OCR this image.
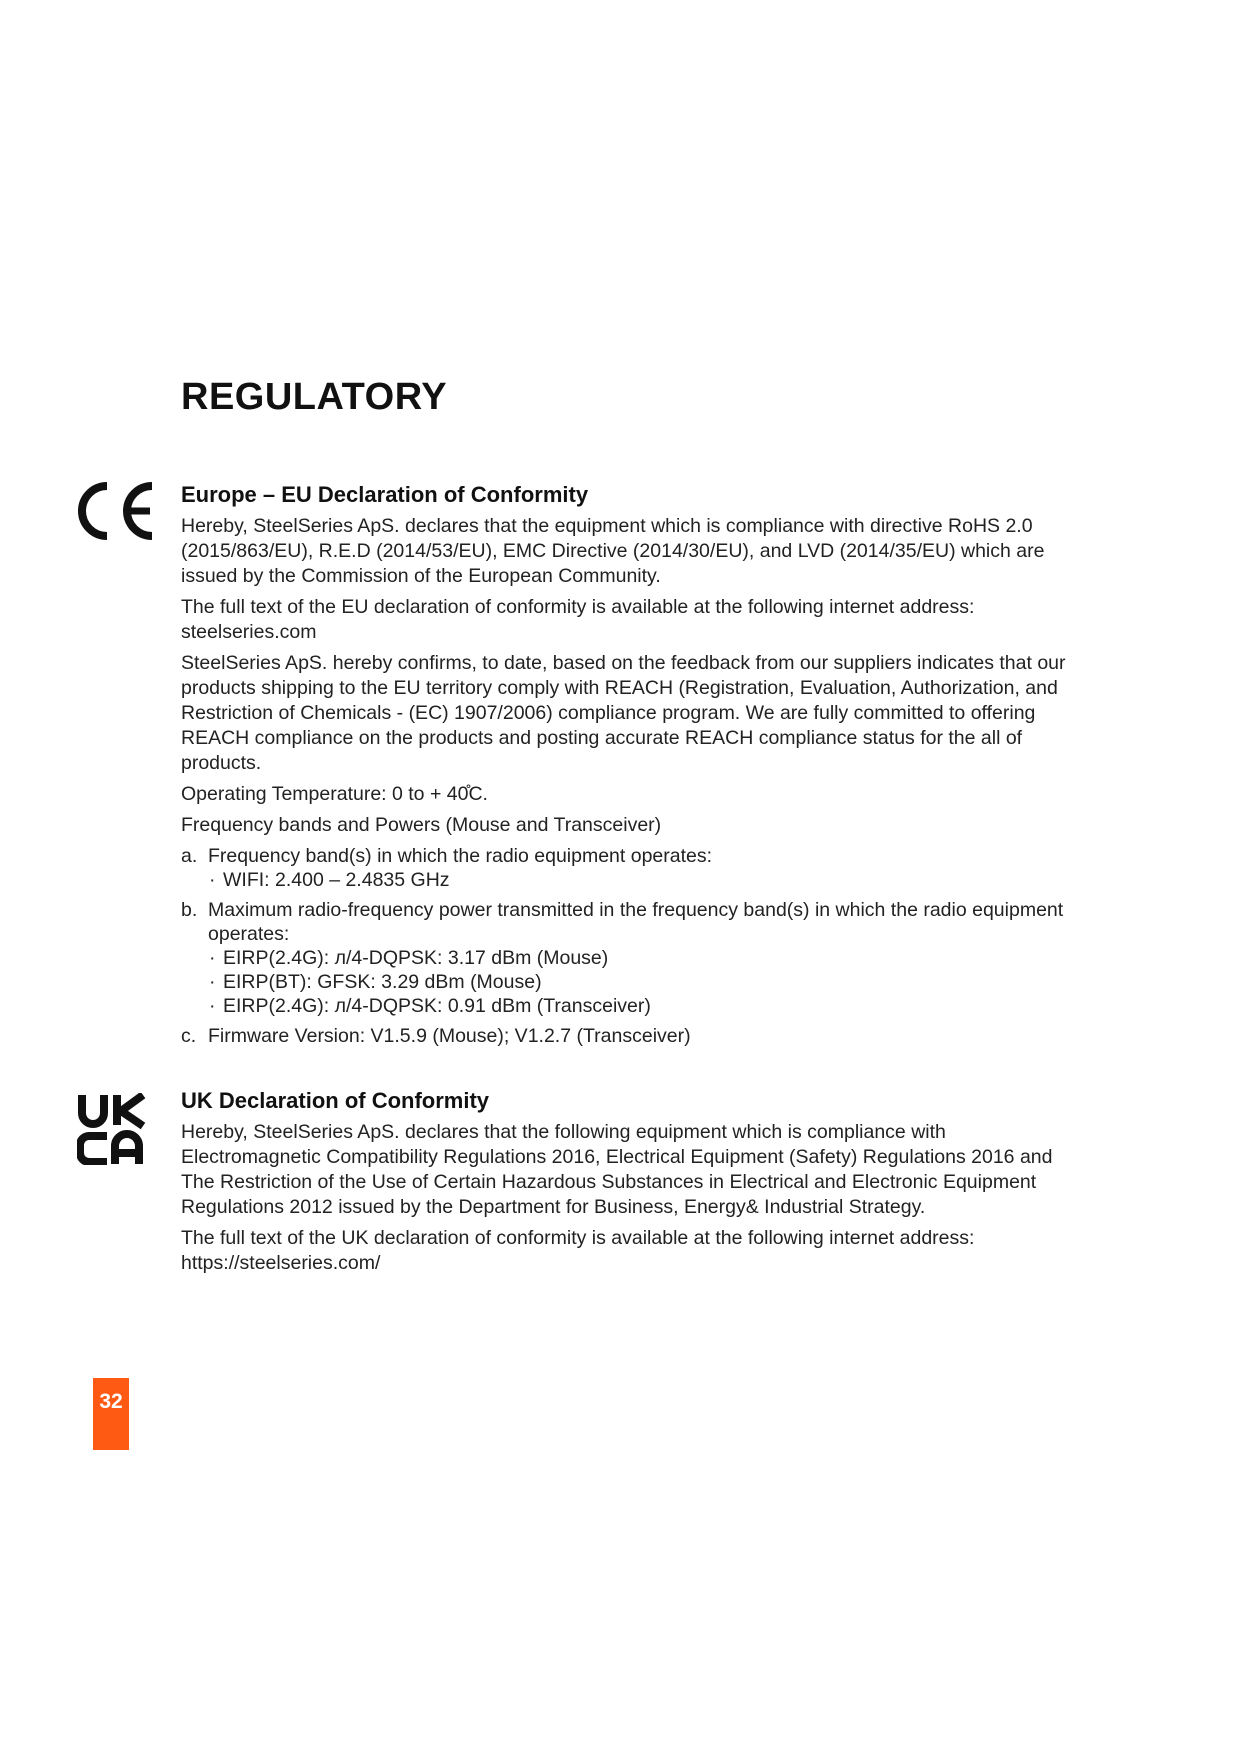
REGULATORY
Europe – EU Declaration of Conformity

Hereby, SteelSeries ApS. declares that the equipment which is compliance with directive RoHS 2.0 (2015/863/EU), R.E.D (2014/53/EU), EMC Directive (2014/30/EU), and LVD (2014/35/EU) which are issued by the Commission of the European Community.

The full text of the EU declaration of conformity is available at the following internet address: steelseries.com

SteelSeries ApS. hereby confirms, to date, based on the feedback from our suppliers indicates that our products shipping to the EU territory comply with REACH (Registration, Evaluation, Authorization, and Restriction of Chemicals - (EC) 1907/2006) compliance program. We are fully committed to offering REACH compliance on the products and posting accurate REACH compliance status for the all of products.

Operating Temperature: 0 to + 40̊C.

Frequency bands and Powers (Mouse and Transceiver)

a. Frequency band(s) in which the radio equipment operates:
· WIFI: 2.400 – 2.4835 GHz
b. Maximum radio-frequency power transmitted in the frequency band(s) in which the radio equipment operates:
· EIRP(2.4G): л/4-DQPSK: 3.17 dBm (Mouse)
· EIRP(BT): GFSK: 3.29 dBm (Mouse)
· EIRP(2.4G): л/4-DQPSK: 0.91 dBm (Transceiver)
c. Firmware Version: V1.5.9 (Mouse); V1.2.7 (Transceiver)
UK Declaration of Conformity

Hereby, SteelSeries ApS. declares that the following equipment which is compliance with Electromagnetic Compatibility Regulations 2016, Electrical Equipment (Safety) Regulations 2016 and The Restriction of the Use of Certain Hazardous Substances in Electrical and Electronic Equipment Regulations 2012 issued by the Department for Business, Energy& Industrial Strategy.

The full text of the UK declaration of conformity is available at the following internet address: https://steelseries.com/

32
